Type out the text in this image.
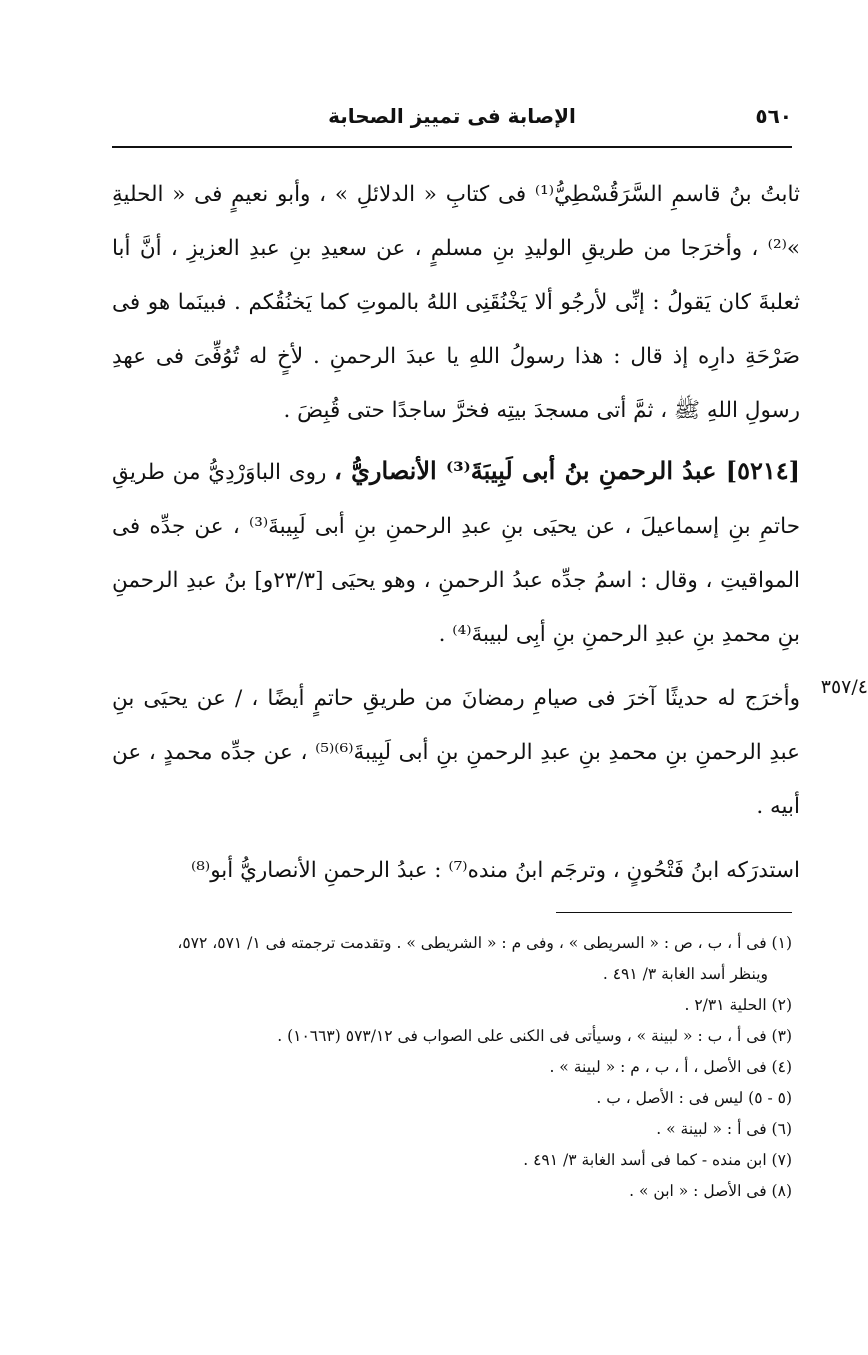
٥٦٠
الإصابة فى تمييز الصحابة
٣٥٧/٤

ثابتُ بنُ قاسمِ السَّرَقُسْطِيُّ⁽¹⁾ فى كتابِ « الدلائلِ » ، وأبو نعيمٍ فى « الحليةِ »⁽²⁾ ، وأخرَجا من طريقِ الوليدِ بنِ مسلمٍ ، عن سعيدِ بنِ عبدِ العزيزِ ، أنَّ أبا ثعلبةَ كان يَقولُ : إنِّى لأرجُو ألا يَخْنُقَنِى اللهُ بالموتِ كما يَخنُقُكم . فبينَما هو فى صَرْحَةِ دارِه إذ قال : هذا رسولُ اللهِ يا عبدَ الرحمنِ . لأخٍ له تُوُفِّىَ فى عهدِ رسولِ اللهِ ﷺ ، ثمَّ أتى مسجدَ بيتِه فخرَّ ساجدًا حتى قُبِضَ .

[٥٢١٤] عبدُ الرحمنِ بنُ أبى لَبِيبَةَ⁽³⁾ الأنصاريُّ ، روى الباوَرْدِيُّ من طريقِ حاتمِ بنِ إسماعيلَ ، عن يحيَى بنِ عبدِ الرحمنِ بنِ أبى لَبِيبةَ⁽³⁾ ، عن جدِّه فى المواقيتِ ، وقال : اسمُ جدِّه عبدُ الرحمنِ ، وهو يحيَى [٢٣/٣و] بنُ عبدِ الرحمنِ بنِ محمدِ بنِ عبدِ الرحمنِ بنِ أبِى لبيبةَ⁽⁴⁾ .

وأخرَج له حديثًا آخرَ فى صيامِ رمضانَ من طريقِ حاتمٍ أيضًا ، / عن يحيَى بنِ عبدِ الرحمنِ بنِ محمدِ بنِ عبدِ الرحمنِ بنِ أبى لَبِيبةَ⁽⁶⁾⁽⁵⁾ ، عن جدِّه محمدٍ ، عن أبيه .

استدرَكه ابنُ فَتْحُونٍ ، وترجَم ابنُ منده⁽⁷⁾ : عبدُ الرحمنِ الأنصاريُّ أبو⁽⁸⁾

(١) فى أ ، ب ، ص : « السريطى » ، وفى م : « الشريطى » . وتقدمت ترجمته فى ١/ ٥٧١، ٥٧٢،

وينظر أسد الغابة ٣/ ٤٩١ .

(٢) الحلية ٢/٣١ .

(٣) فى أ ، ب : « لبينة » ، وسيأتى فى الكنى على الصواب فى ٥٧٣/١٢ (١٠٦٦٣) .

(٤) فى الأصل ، أ ، ب ، م : « لبينة » .

(٥ - ٥) ليس فى : الأصل ، ب .

(٦) فى أ : « لبينة » .

(٧) ابن منده - كما فى أسد الغابة ٣/ ٤٩١ .

(٨) فى الأصل : « ابن » .
